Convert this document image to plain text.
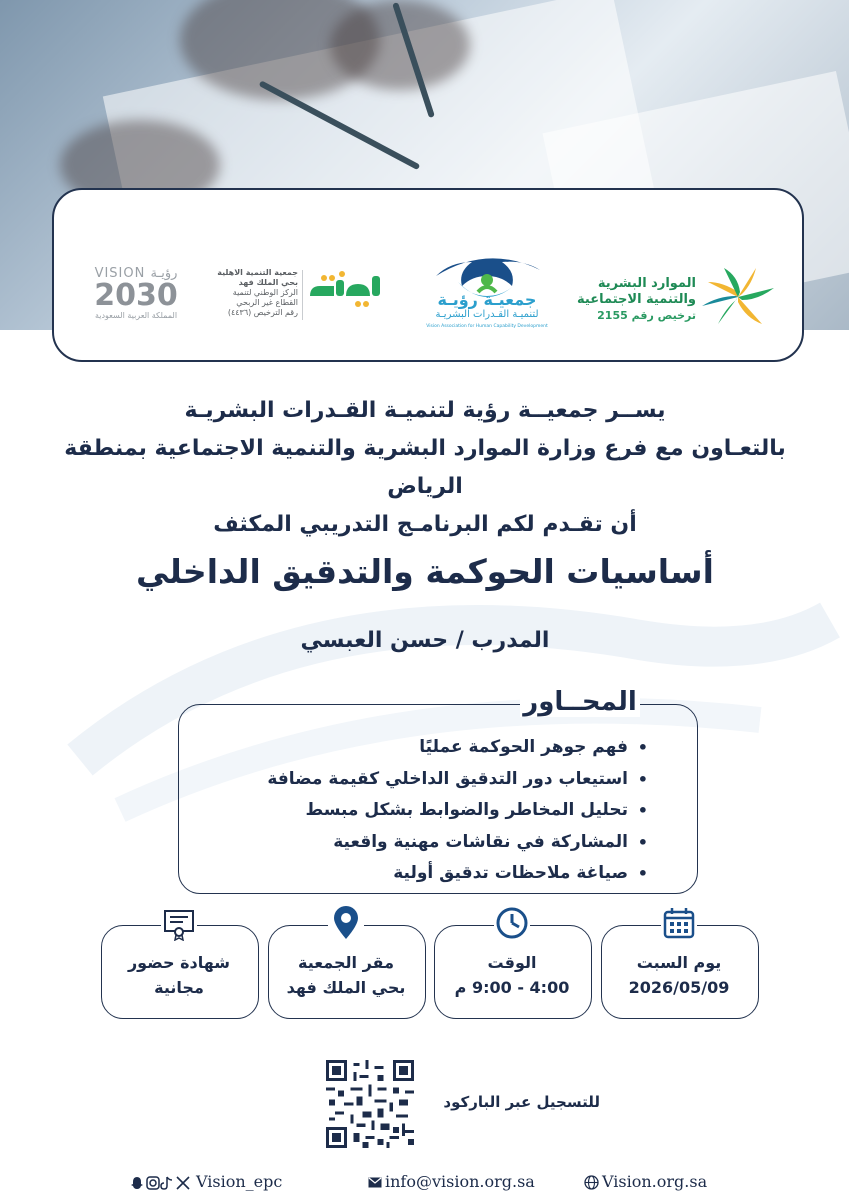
VISION رؤيـة
2030
المملكة العربية السعودية
جمعية التنمية الاهلية
بحي الملك فهد
الركز الوطني لتنمية
القطاع غير الربحي
رقم الترخيص (٤٤٣٦)
جمعيـة رؤيـة
لتنميـة القـدرات البشريـة
Vision Association for Human Capability Development
الموارد البشرية
والتنمية الاجتماعية
ترخيص رقم 2155
يســر جمعيــة رؤية لتنميـة القـدرات البشريـة
بالتعـاون مع فرع وزارة الموارد البشرية والتنمية الاجتماعية بمنطقة الرياض
أن تقـدم لكم البرنامـج التدريبي المكثف
أساسيات الحوكمة والتدقيق الداخلي
المدرب / حسن العبسي
المحــاور
• فهم جوهر الحوكمة عمليًا
• استيعاب دور التدقيق الداخلي كقيمة مضافة
• تحليل المخاطر والضوابط بشكل مبسط
• المشاركة في نقاشات مهنية واقعية
• صياغة ملاحظات تدقيق أولية
شهادة حضور
مجانية
مقر الجمعية
بحي الملك فهد
الوقت
4:00 - 9:00 م
يوم السبت
2026/05/09
للتسجيل عبر الباركود
Vision_epc	info@vision.org.sa	Vision.org.sa
